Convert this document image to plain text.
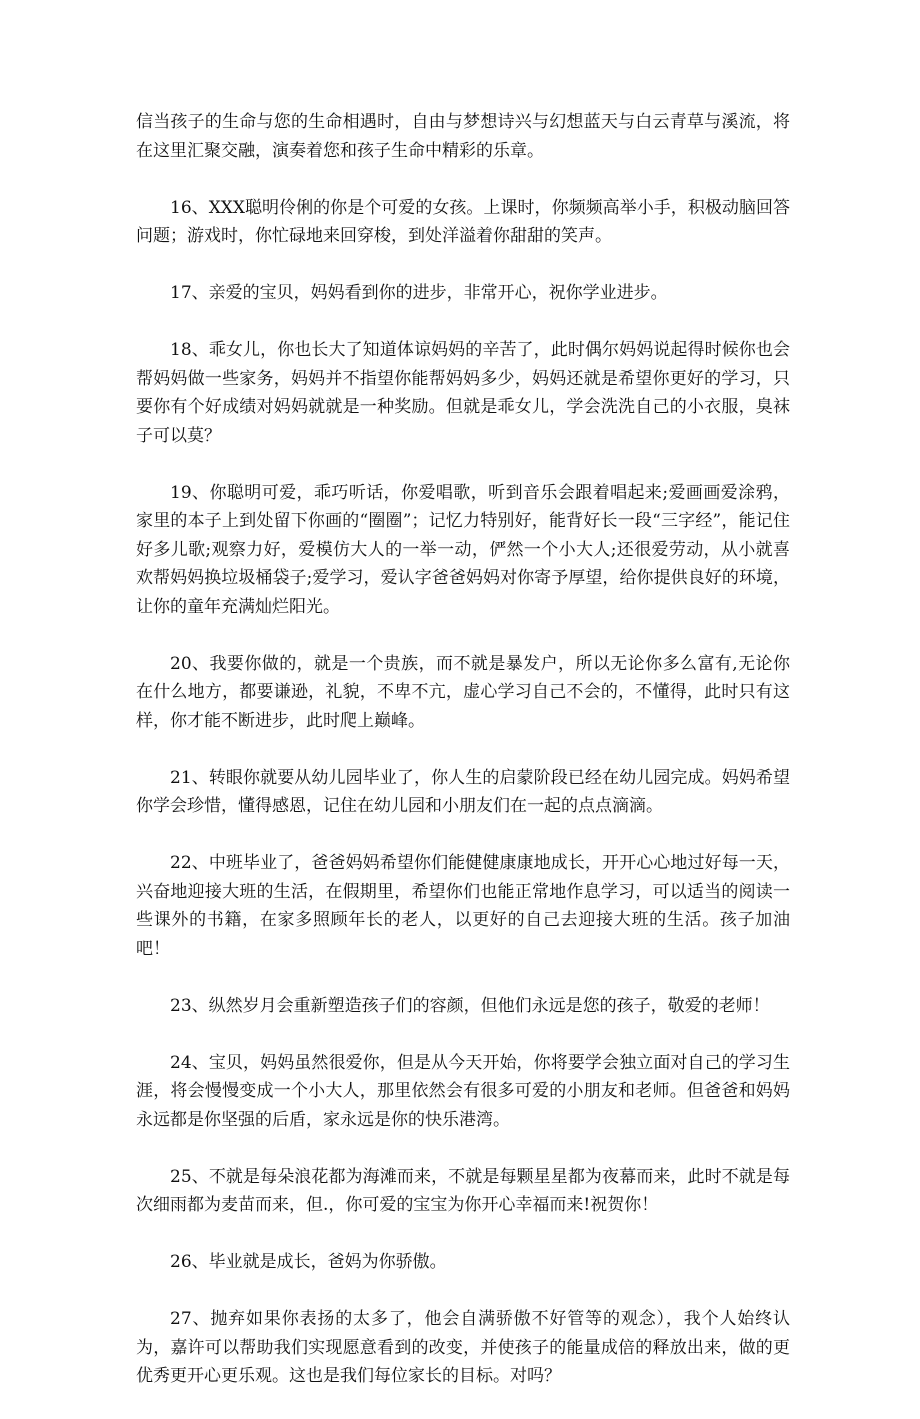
信当孩子的生命与您的生命相遇时，自由与梦想诗兴与幻想蓝天与白云青草与溪流，将在这里汇聚交融，演奏着您和孩子生命中精彩的乐章。

16、XXX聪明伶俐的你是个可爱的女孩。上课时，你频频高举小手，积极动脑回答问题；游戏时，你忙碌地来回穿梭，到处洋溢着你甜甜的笑声。

17、亲爱的宝贝，妈妈看到你的进步，非常开心，祝你学业进步。

18、乖女儿，你也长大了知道体谅妈妈的辛苦了，此时偶尔妈妈说起得时候你也会帮妈妈做一些家务，妈妈并不指望你能帮妈妈多少，妈妈还就是希望你更好的学习，只要你有个好成绩对妈妈就就是一种奖励。但就是乖女儿，学会洗洗自己的小衣服，臭袜子可以莫？

19、你聪明可爱，乖巧听话，你爱唱歌，听到音乐会跟着唱起来;爱画画爱涂鸦，家里的本子上到处留下你画的“圈圈”；记忆力特别好，能背好长一段“三字经”，能记住好多儿歌;观察力好，爱模仿大人的一举一动，俨然一个小大人;还很爱劳动，从小就喜欢帮妈妈换垃圾桶袋子;爱学习，爱认字爸爸妈妈对你寄予厚望，给你提供良好的环境，让你的童年充满灿烂阳光。

20、我要你做的，就是一个贵族，而不就是暴发户，所以无论你多么富有,无论你在什么地方，都要谦逊，礼貌，不卑不亢，虚心学习自己不会的，不懂得，此时只有这样，你才能不断进步，此时爬上巅峰。

21、转眼你就要从幼儿园毕业了，你人生的启蒙阶段已经在幼儿园完成。妈妈希望你学会珍惜，懂得感恩，记住在幼儿园和小朋友们在一起的点点滴滴。

22、中班毕业了，爸爸妈妈希望你们能健健康康地成长，开开心心地过好每一天，兴奋地迎接大班的生活，在假期里，希望你们也能正常地作息学习，可以适当的阅读一些课外的书籍，在家多照顾年长的老人，以更好的自己去迎接大班的生活。孩子加油吧！

23、纵然岁月会重新塑造孩子们的容颜，但他们永远是您的孩子，敬爱的老师！

24、宝贝，妈妈虽然很爱你，但是从今天开始，你将要学会独立面对自己的学习生涯，将会慢慢变成一个小大人，那里依然会有很多可爱的小朋友和老师。但爸爸和妈妈永远都是你坚强的后盾，家永远是你的快乐港湾。

25、不就是每朵浪花都为海滩而来，不就是每颗星星都为夜幕而来，此时不就是每次细雨都为麦苗而来，但.，你可爱的宝宝为你开心幸福而来!祝贺你！

26、毕业就是成长，爸妈为你骄傲。

27、抛弃如果你表扬的太多了，他会自满骄傲不好管等的观念），我个人始终认为，嘉许可以帮助我们实现愿意看到的改变，并使孩子的能量成倍的释放出来，做的更优秀更开心更乐观。这也是我们每位家长的目标。对吗？
